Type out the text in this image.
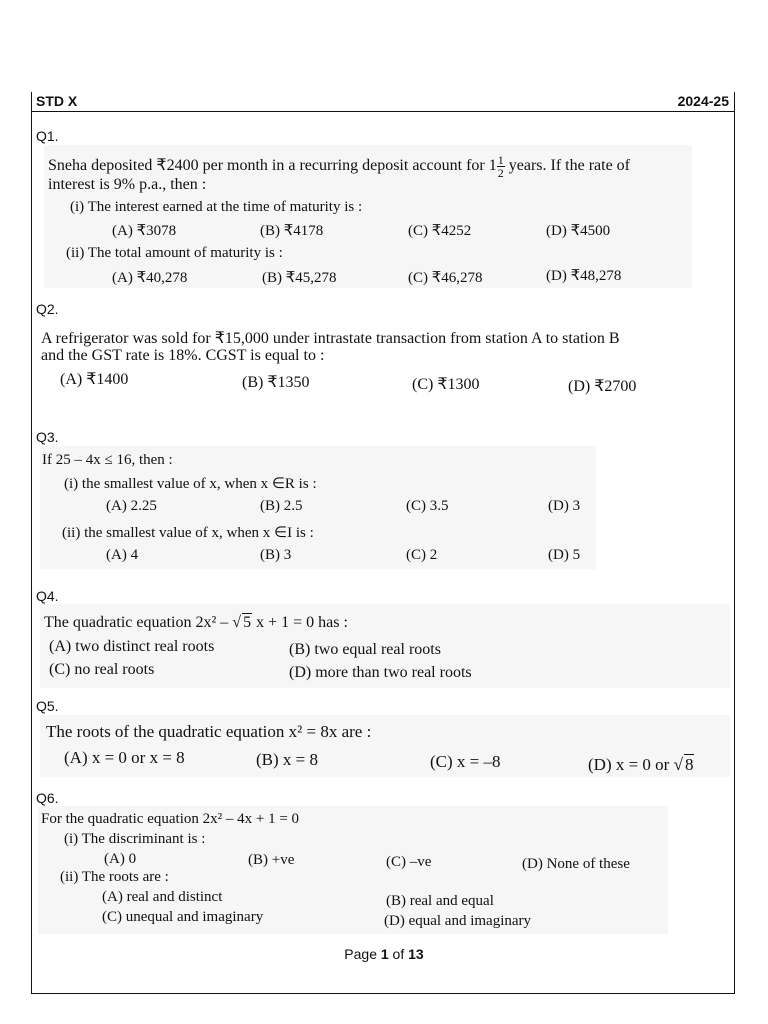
STD X	2024-25
Q1.
Sneha deposited ₹2400 per month in a recurring deposit account for $1 \frac{1}{2}$ years. If the rate of
interest is 9% p.a., then :
(i) The interest earned at the time of maturity is :
(A) ₹3078	(B) ₹4178	(C) ₹4252	(D) ₹4500
(ii) The total amount of maturity is :
(A) ₹40,278	(B) ₹45,278	(C) ₹46,278	(D) ₹48,278
Q2.
A refrigerator was sold for ₹15,000 under intrastate transaction from station A to station B
and the GST rate is 18%. CGST is equal to :
(A) ₹1400	(B) ₹1350	(C) ₹1300	(D) ₹2700
Q3.
If 25 – 4x ≤ 16, then :
(i) the smallest value of x, when x ∈R is :
(A) 2.25	(B) 2.5	(C) 3.5	(D) 3
(ii) the smallest value of x, when x ∈I is :
(A) 4	(B) 3	(C) 2	(D) 5
Q4.
The quadratic equation 2x² – √ 5 x + 1 = 0 has :
(A) two distinct real roots	(B) two equal real roots
(C) no real roots	(D) more than two real roots
Q5.
The roots of the quadratic equation x² = 8x are :
(A) x = 0 or x = 8	(B) x = 8	(C) x = –8	(D) x = 0 or √ 8
Q6.
For the quadratic equation 2x² – 4x + 1 = 0
(i) The discriminant is :
(A) 0	(B) +ve	(C) –ve	(D) None of these
(ii) The roots are :
(A) real and distinct	(B) real and equal
(C) unequal and imaginary	(D) equal and imaginary
Page 1 of 13
